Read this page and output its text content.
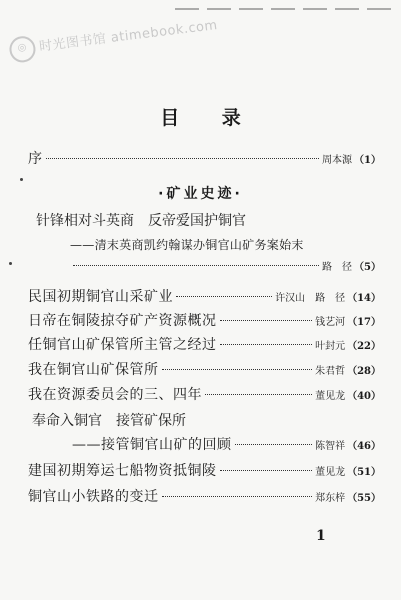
◎ 时光图书馆 atimebook.com
目 录
序	周本源 （1）
·矿业史迹·
针锋相对斗英商　反帝爱国护铜官
——清末英商凯约翰谋办铜官山矿务案始末
路　径 （5）
民国初期铜官山采矿业	许汉山　路　径 （14）
日帝在铜陵掠夺矿产资源概况	钱艺河 （17）
任铜官山矿保管所主管之经过	叶封元 （22）
我在铜官山矿保管所	朱君哲 （28）
我在资源委员会的三、四年	董见龙 （40）
奉命入铜官　接管矿保所
——接管铜官山矿的回顾	陈智祥 （46）
建国初期筹运七船物资抵铜陵	董见龙 （51）
铜官山小铁路的变迁	郑东梓 （55）
1
